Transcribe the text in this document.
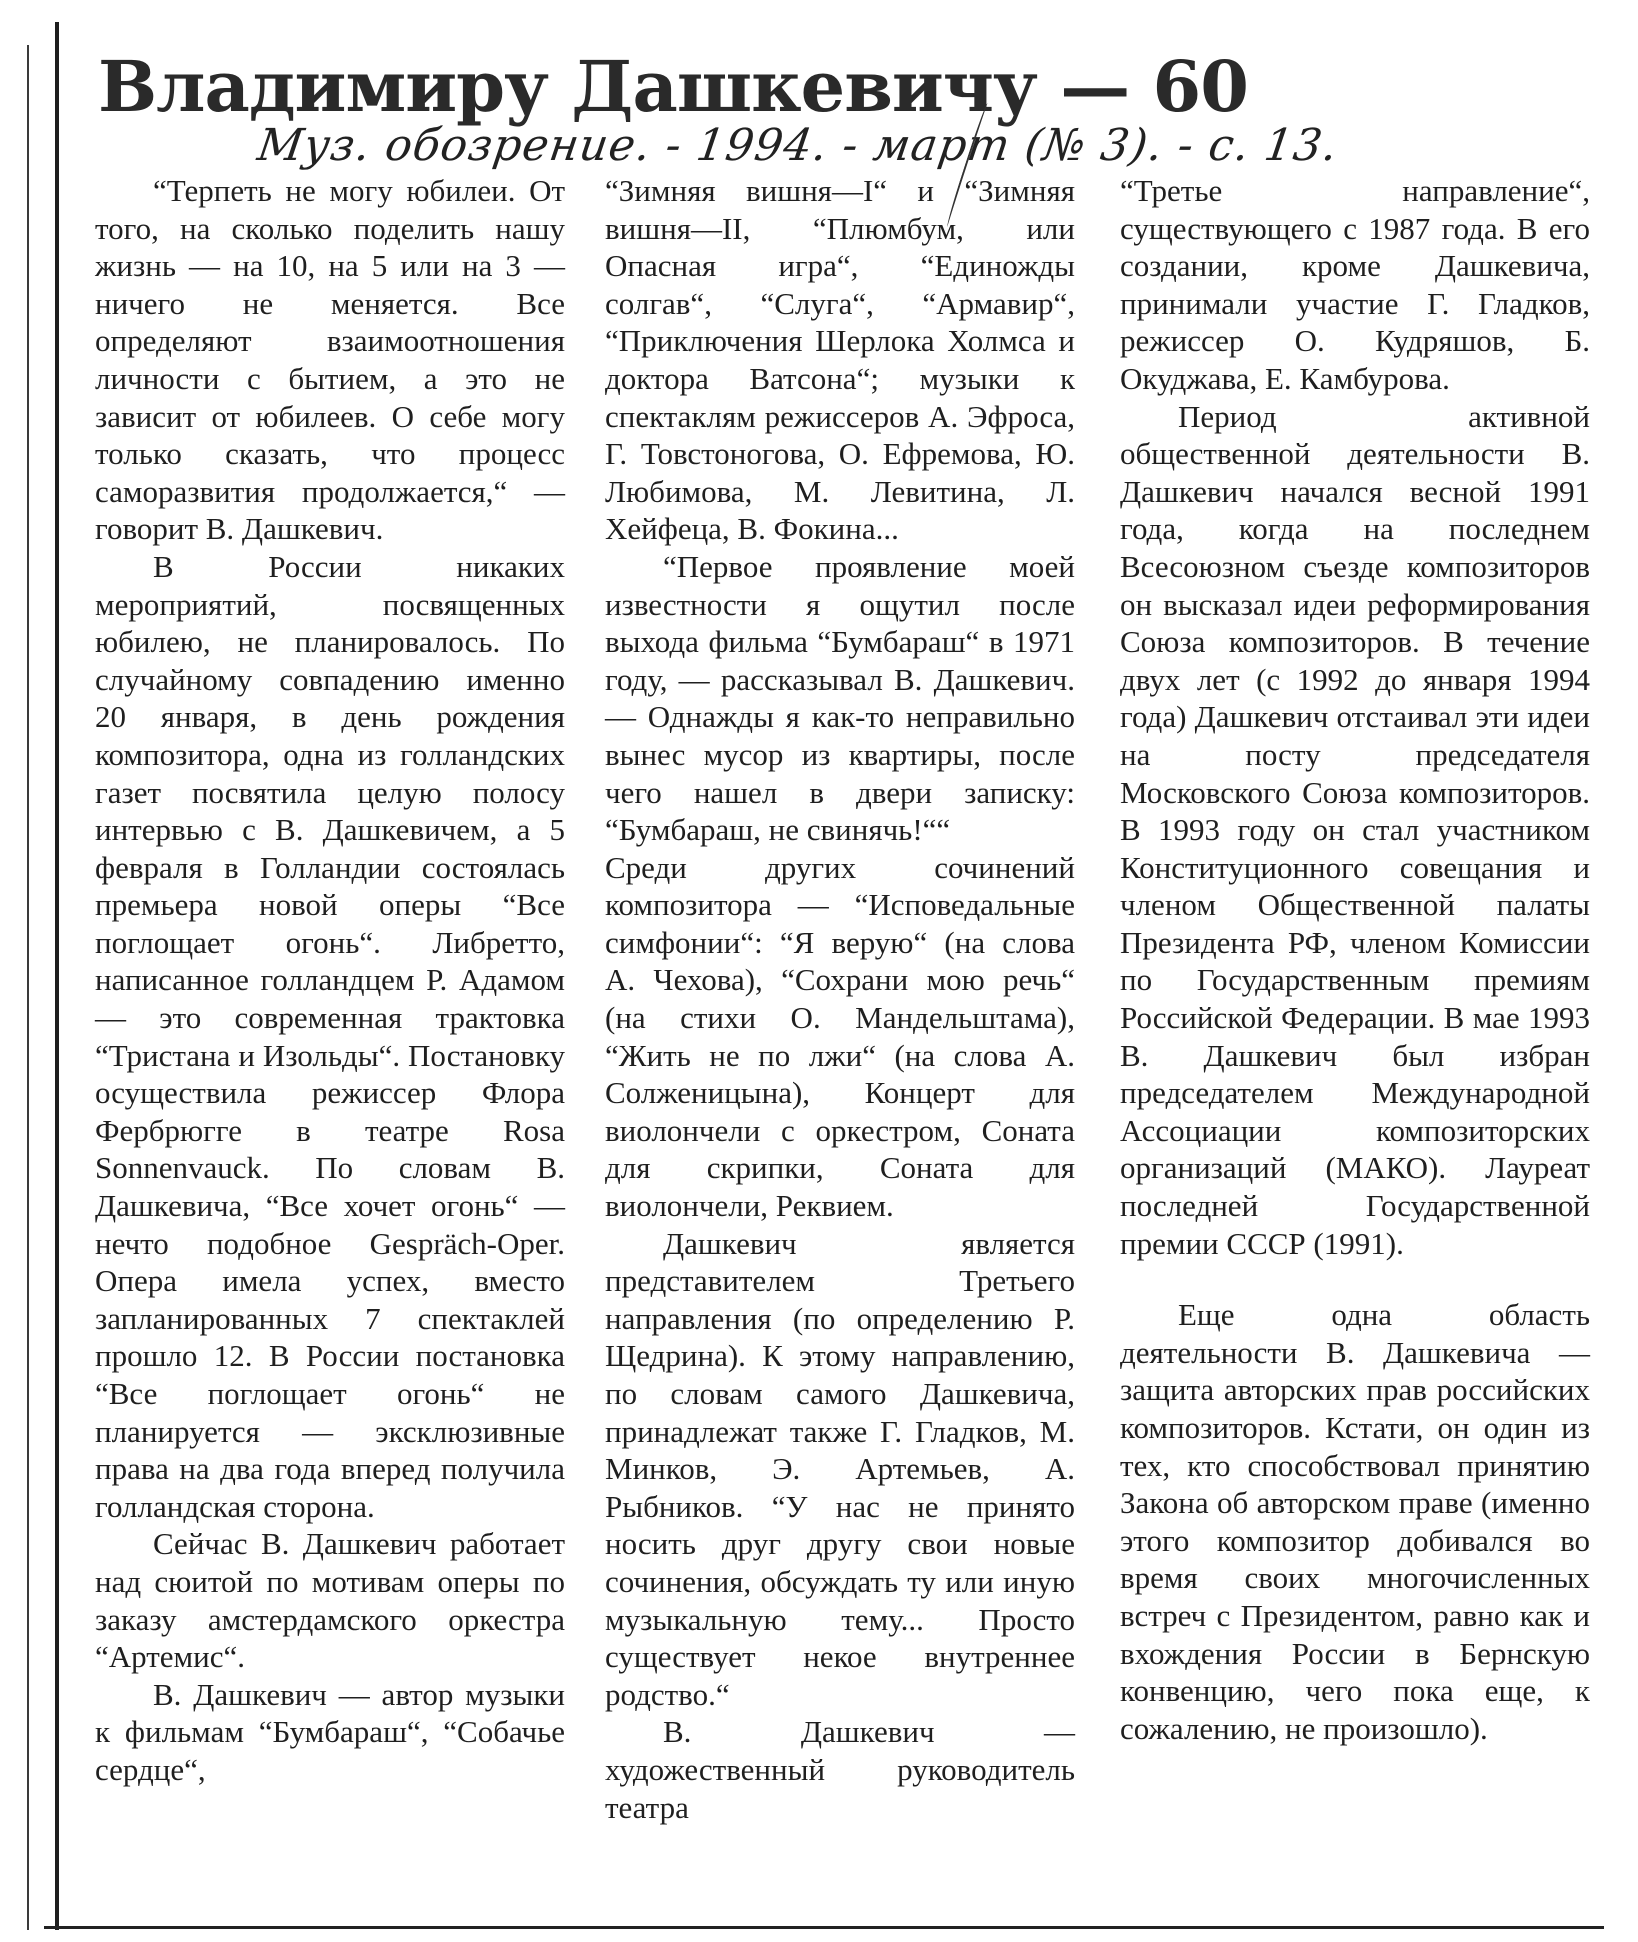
Владимиру Дашкевичу — 60
Муз. обозрение. - 1994. - март (№ 3). - с. 13.

“Терпеть не могу юбилеи. От того, на сколько поделить нашу жизнь — на 10, на 5 или на 3 — ничего не меняется. Все определяют взаимоотношения личности с бытием, а это не зависит от юбилеев. О себе могу только сказать, что процесс саморазвития продолжается,“ — говорит В. Дашкевич.

В России никаких мероприятий, посвященных юбилею, не планировалось. По случайному совпадению именно 20 января, в день рождения композитора, одна из голландских газет посвятила целую полосу интервью с В. Дашкевичем, а 5 февраля в Голландии состоялась премьера новой оперы “Все поглощает огонь“. Либретто, написанное голландцем Р. Адамом — это современная трактовка “Тристана и Изольды“. Постановку осуществила режиссер Флора Фербрюгге в театре Rosa Sonnenvauck. По словам В. Дашкевича, “Все хочет огонь“ — нечто подобное Gespräch-Oper. Опера имела успех, вместо запланированных 7 спектаклей прошло 12. В России постановка “Все поглощает огонь“ не планируется — эксклюзивные права на два года вперед получила голландская сторона.

Сейчас В. Дашкевич работает над сюитой по мотивам оперы по заказу амстердамского оркестра “Артемис“.

В. Дашкевич — автор музыки к фильмам “Бумбараш“, “Собачье сердце“,

“Зимняя вишня—I“ и “Зимняя вишня—II, “Плюмбум, или Опасная игра“, “Единожды солгав“, “Слуга“, “Армавир“, “Приключения Шерлока Холмса и доктора Ватсона“; музыки к спектаклям режиссеров А. Эфроса, Г. Товстоногова, О. Ефремова, Ю. Любимова, М. Левитина, Л. Хейфеца, В. Фокина...

“Первое проявление моей известности я ощутил после выхода фильма “Бумбараш“ в 1971 году, — рассказывал В. Дашкевич. — Однажды я как-то неправильно вынес мусор из квартиры, после чего нашел в двери записку: “Бумбараш, не свинячь!““

Среди других сочинений композитора — “Исповедальные симфонии“: “Я верую“ (на слова А. Чехова), “Сохрани мою речь“ (на стихи О. Мандельштама), “Жить не по лжи“ (на слова А. Солженицына), Концерт для виолончели с оркестром, Соната для скрипки, Соната для виолончели, Реквием.

Дашкевич является представителем Третьего направления (по определению Р. Щедрина). К этому направлению, по словам самого Дашкевича, принадлежат также Г. Гладков, М. Минков, Э. Артемьев, А. Рыбников. “У нас не принято носить друг другу свои новые сочинения, обсуждать ту или иную музыкальную тему... Просто существует некое внутреннее родство.“

В. Дашкевич — художественный руководитель театра

“Третье направление“, существующего с 1987 года. В его создании, кроме Дашкевича, принимали участие Г. Гладков, режиссер О. Кудряшов, Б. Окуджава, Е. Камбурова.

Период активной общественной деятельности В. Дашкевич начался весной 1991 года, когда на последнем Всесоюзном съезде композиторов он высказал идеи реформирования Союза композиторов. В течение двух лет (с 1992 до января 1994 года) Дашкевич отстаивал эти идеи на посту председателя Московского Союза композиторов. В 1993 году он стал участником Конституционного совещания и членом Общественной палаты Президента РФ, членом Комиссии по Государственным премиям Российской Федерации. В мае 1993 В. Дашкевич был избран председателем Международной Ассоциации композиторских организаций (МАКО). Лауреат последней Государственной премии СССР (1991).

Еще одна область деятельности В. Дашкевича — защита авторских прав российских композиторов. Кстати, он один из тех, кто способствовал принятию Закона об авторском праве (именно этого композитор добивался во время своих многочисленных встреч с Президентом, равно как и вхождения России в Бернскую конвенцию, чего пока еще, к сожалению, не произошло).
